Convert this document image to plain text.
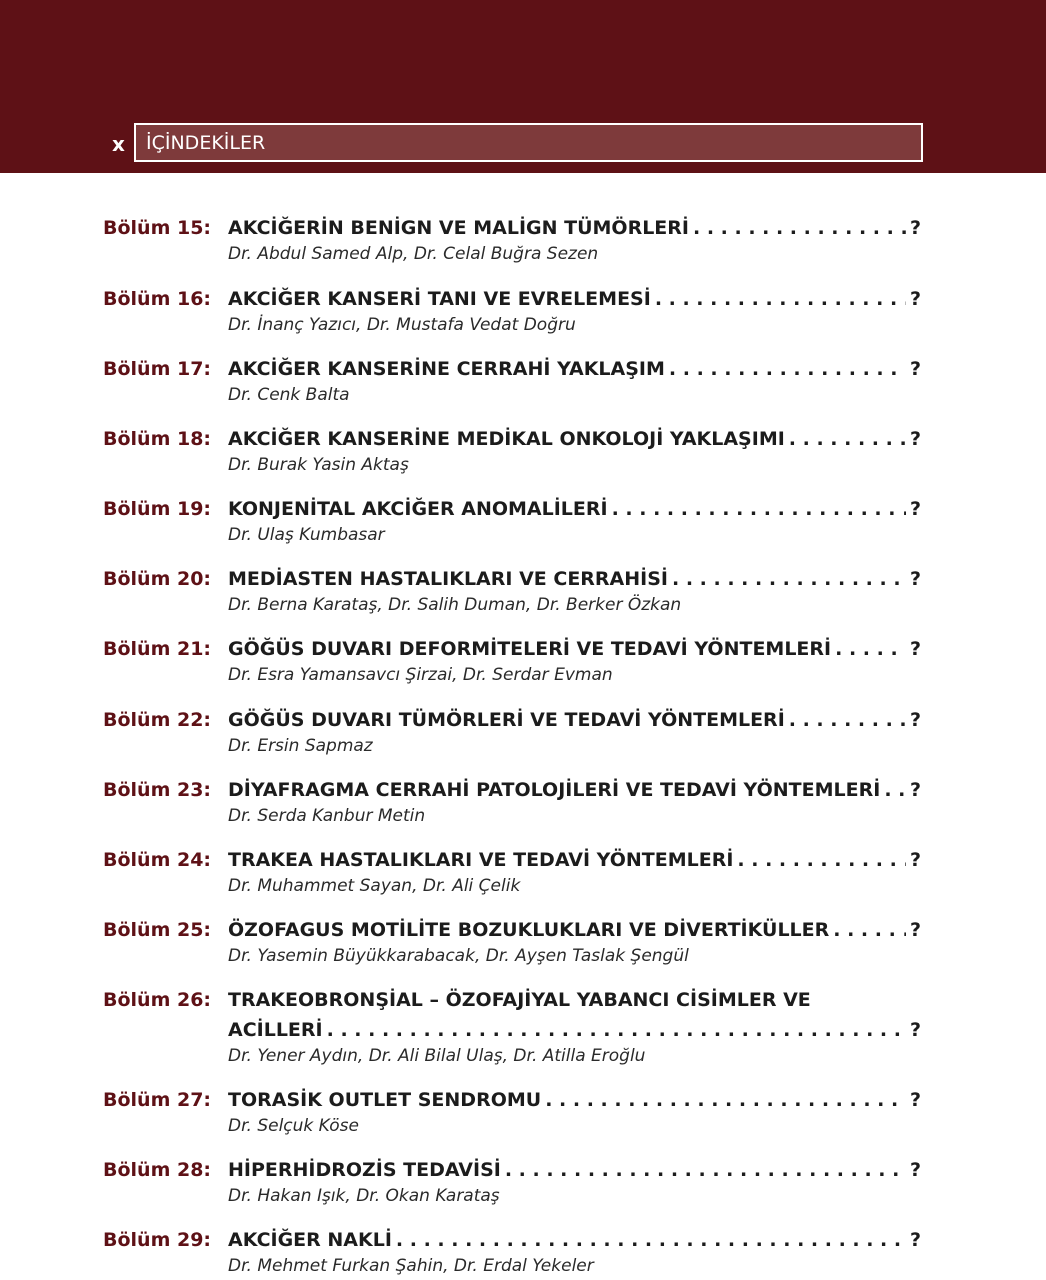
x İÇİNDEKİLER
Bölüm 15: AKCİĞERİN BENİGN VE MALİGN TÜMÖRLERİ . . .	?
Dr. Abdul Samed Alp, Dr. Celal Buğra Sezen
Bölüm 16: AKCİĞER KANSERİ TANI VE EVRELEMESİ . . .	?
Dr. İnanç Yazıcı, Dr. Mustafa Vedat Doğru
Bölüm 17: AKCİĞER KANSERİNE CERRAHİ YAKLAŞIM . . .	?
Dr. Cenk Balta
Bölüm 18: AKCİĞER KANSERİNE MEDİKAL ONKOLOJİ YAKLAŞIMI . . .	?
Dr. Burak Yasin Aktaş
Bölüm 19: KONJENİTAL AKCİĞER ANOMALİLERİ . . .	?
Dr. Ulaş Kumbasar
Bölüm 20: MEDİASTEN HASTALIKLARI VE CERRAHİSİ . . .	?
Dr. Berna Karataş, Dr. Salih Duman, Dr. Berker Özkan
Bölüm 21: GÖĞÜS DUVARI DEFORMİTELERİ VE TEDAVİ YÖNTEMLERİ . . .	?
Dr. Esra Yamansavcı Şirzai, Dr. Serdar Evman
Bölüm 22: GÖĞÜS DUVARI TÜMÖRLERİ VE TEDAVİ YÖNTEMLERİ . . .	?
Dr. Ersin Sapmaz
Bölüm 23: DİYAFRAGMA CERRAHİ PATOLOJİLERİ VE TEDAVİ YÖNTEMLERİ . . . ?
Dr. Serda Kanbur Metin
Bölüm 24: TRAKEA HASTALIKLARI VE TEDAVİ YÖNTEMLERİ . . .	?
Dr. Muhammet Sayan, Dr. Ali Çelik
Bölüm 25: ÖZOFAGUS MOTİLİTE BOZUKLUKLARI VE DİVERTİKÜLLER . . .	?
Dr. Yasemin Büyükkarabacak, Dr. Ayşen Taslak Şengül
Bölüm 26: TRAKEOBRONŞİAL – ÖZOFAJİYAL YABANCI CİSİMLER VE
ACİLLERİ . . .	?
Dr. Yener Aydın, Dr. Ali Bilal Ulaş, Dr. Atilla Eroğlu
Bölüm 27: TORASİK OUTLET SENDROMU . . .	?
Dr. Selçuk Köse
Bölüm 28: HİPERHİDROZİS TEDAVİSİ . . .	?
Dr. Hakan Işık, Dr. Okan Karataş
Bölüm 29: AKCİĞER NAKLİ . . .	?
Dr. Mehmet Furkan Şahin, Dr. Erdal Yekeler
